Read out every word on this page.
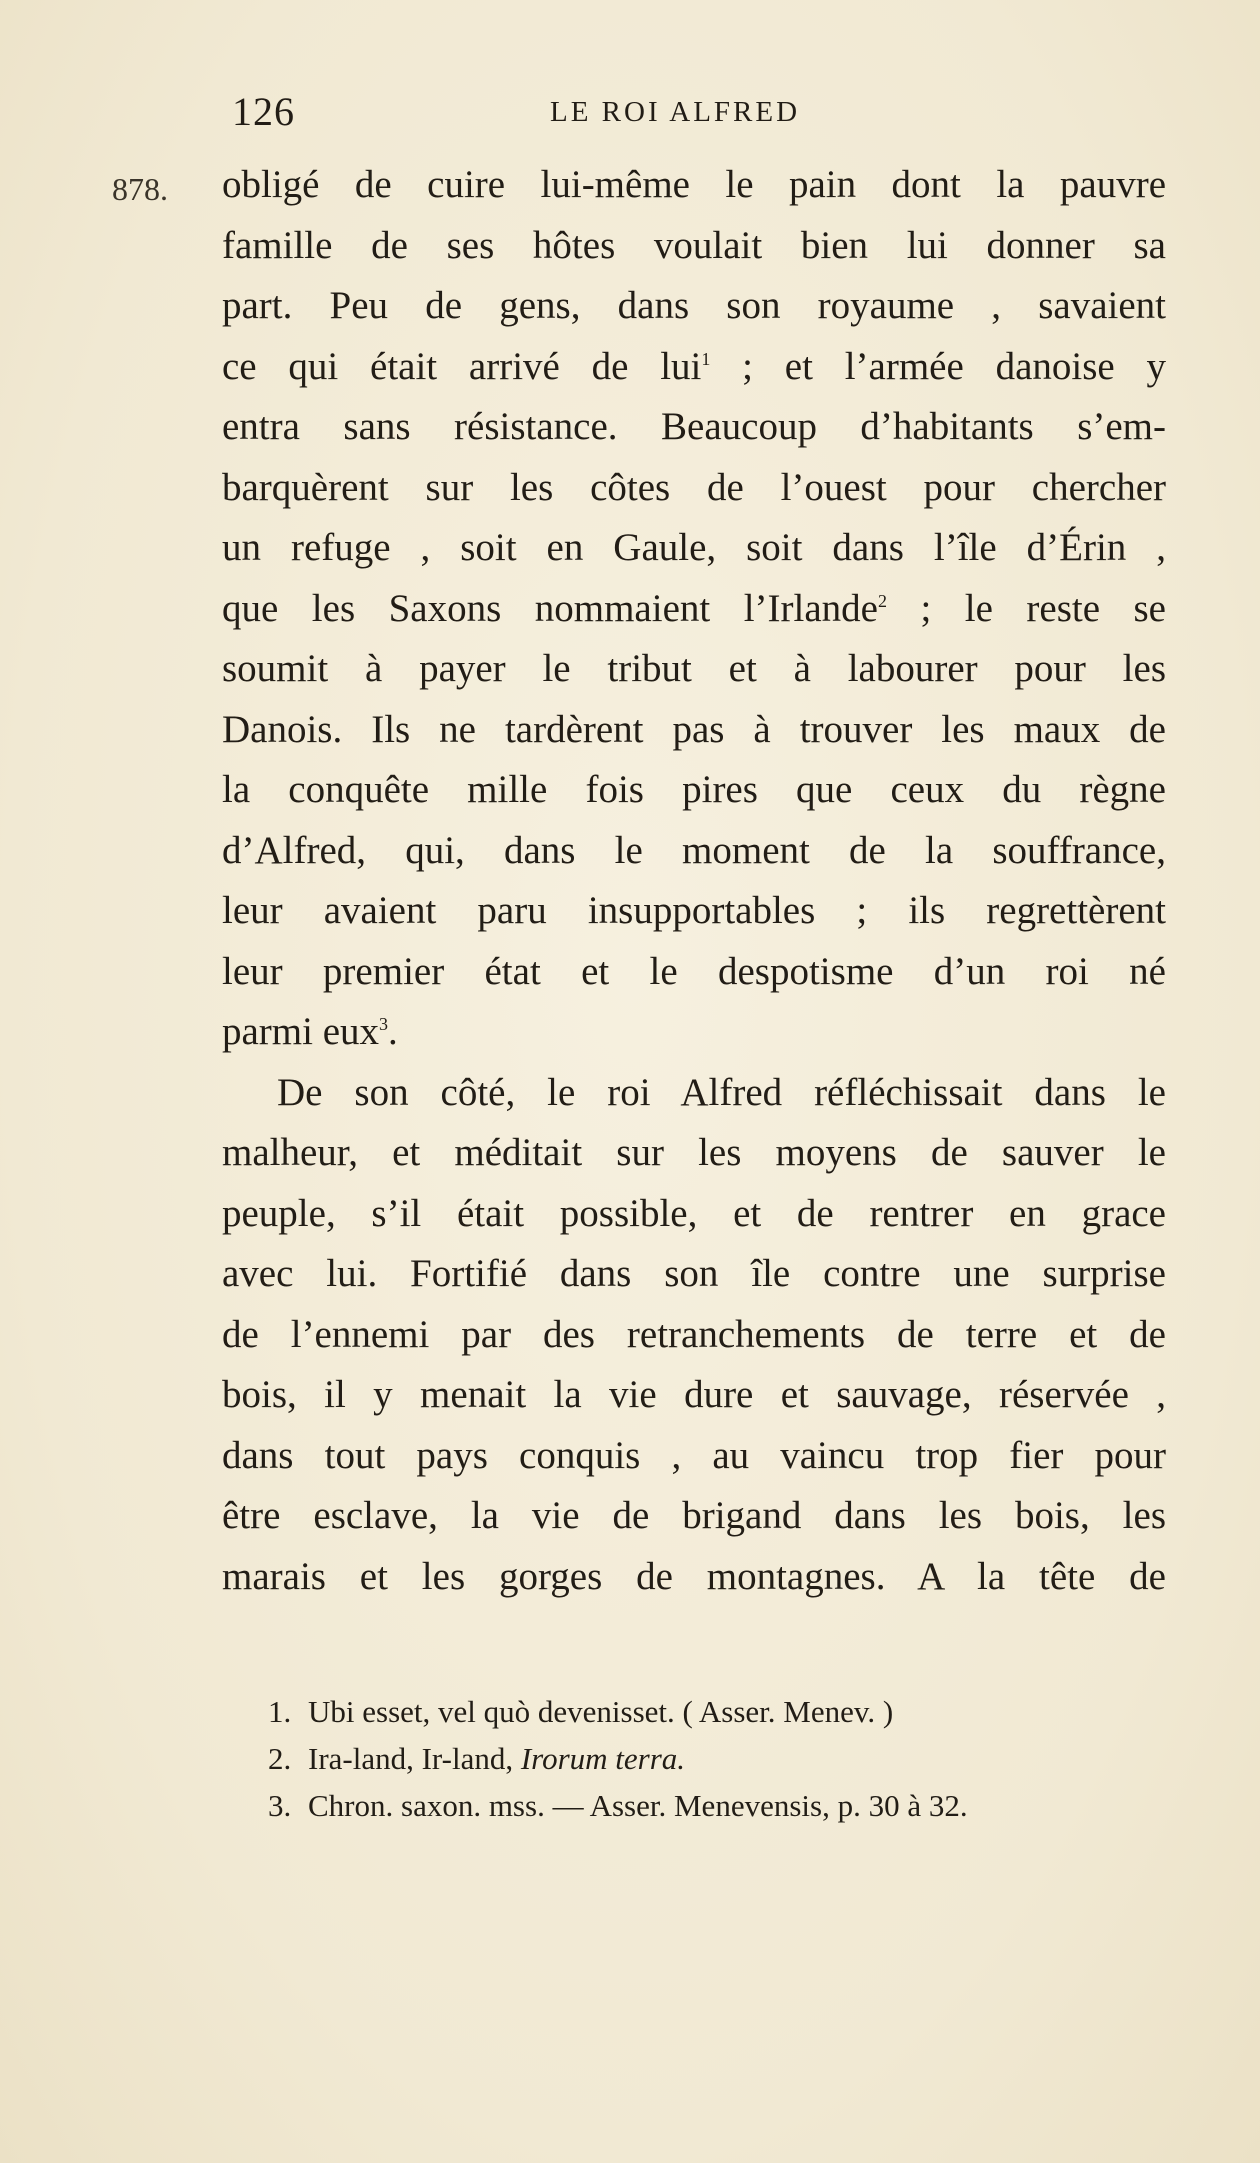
126	LE ROI ALFRED
878. obligé de cuire lui-même le pain dont la pauvre
famille de ses hôtes voulait bien lui donner sa
part. Peu de gens, dans son royaume , savaient
ce qui était arrivé de lui$^1$ ; et l’armée danoise y
entra sans résistance. Beaucoup d’habitants s’em-
barquèrent sur les côtes de l’ouest pour chercher
un refuge , soit en Gaule, soit dans l’île d’Érin ,
que les Saxons nommaient l’Irlande$^2$ ; le reste se
soumit à payer le tribut et à labourer pour les
Danois. Ils ne tardèrent pas à trouver les maux de
la conquête mille fois pires que ceux du règne
d’Alfred, qui, dans le moment de la souffrance,
leur avaient paru insupportables ; ils regrettèrent
leur premier état et le despotisme d’un roi né
parmi eux$^3$.
De son côté, le roi Alfred réfléchissait dans le
malheur, et méditait sur les moyens de sauver le
peuple, s’il était possible, et de rentrer en grace
avec lui. Fortifié dans son île contre une surprise
de l’ennemi par des retranchements de terre et de
bois, il y menait la vie dure et sauvage, réservée ,
dans tout pays conquis , au vaincu trop fier pour
être esclave, la vie de brigand dans les bois, les
marais et les gorges de montagnes. A la tête de
1. Ubi esset, vel quò devenisset. ( Asser. Menev. )
2. Ira-land, Ir-land, Irorum terra.
3. Chron. saxon. mss. — Asser. Menevensis, p. 30 à 32.
